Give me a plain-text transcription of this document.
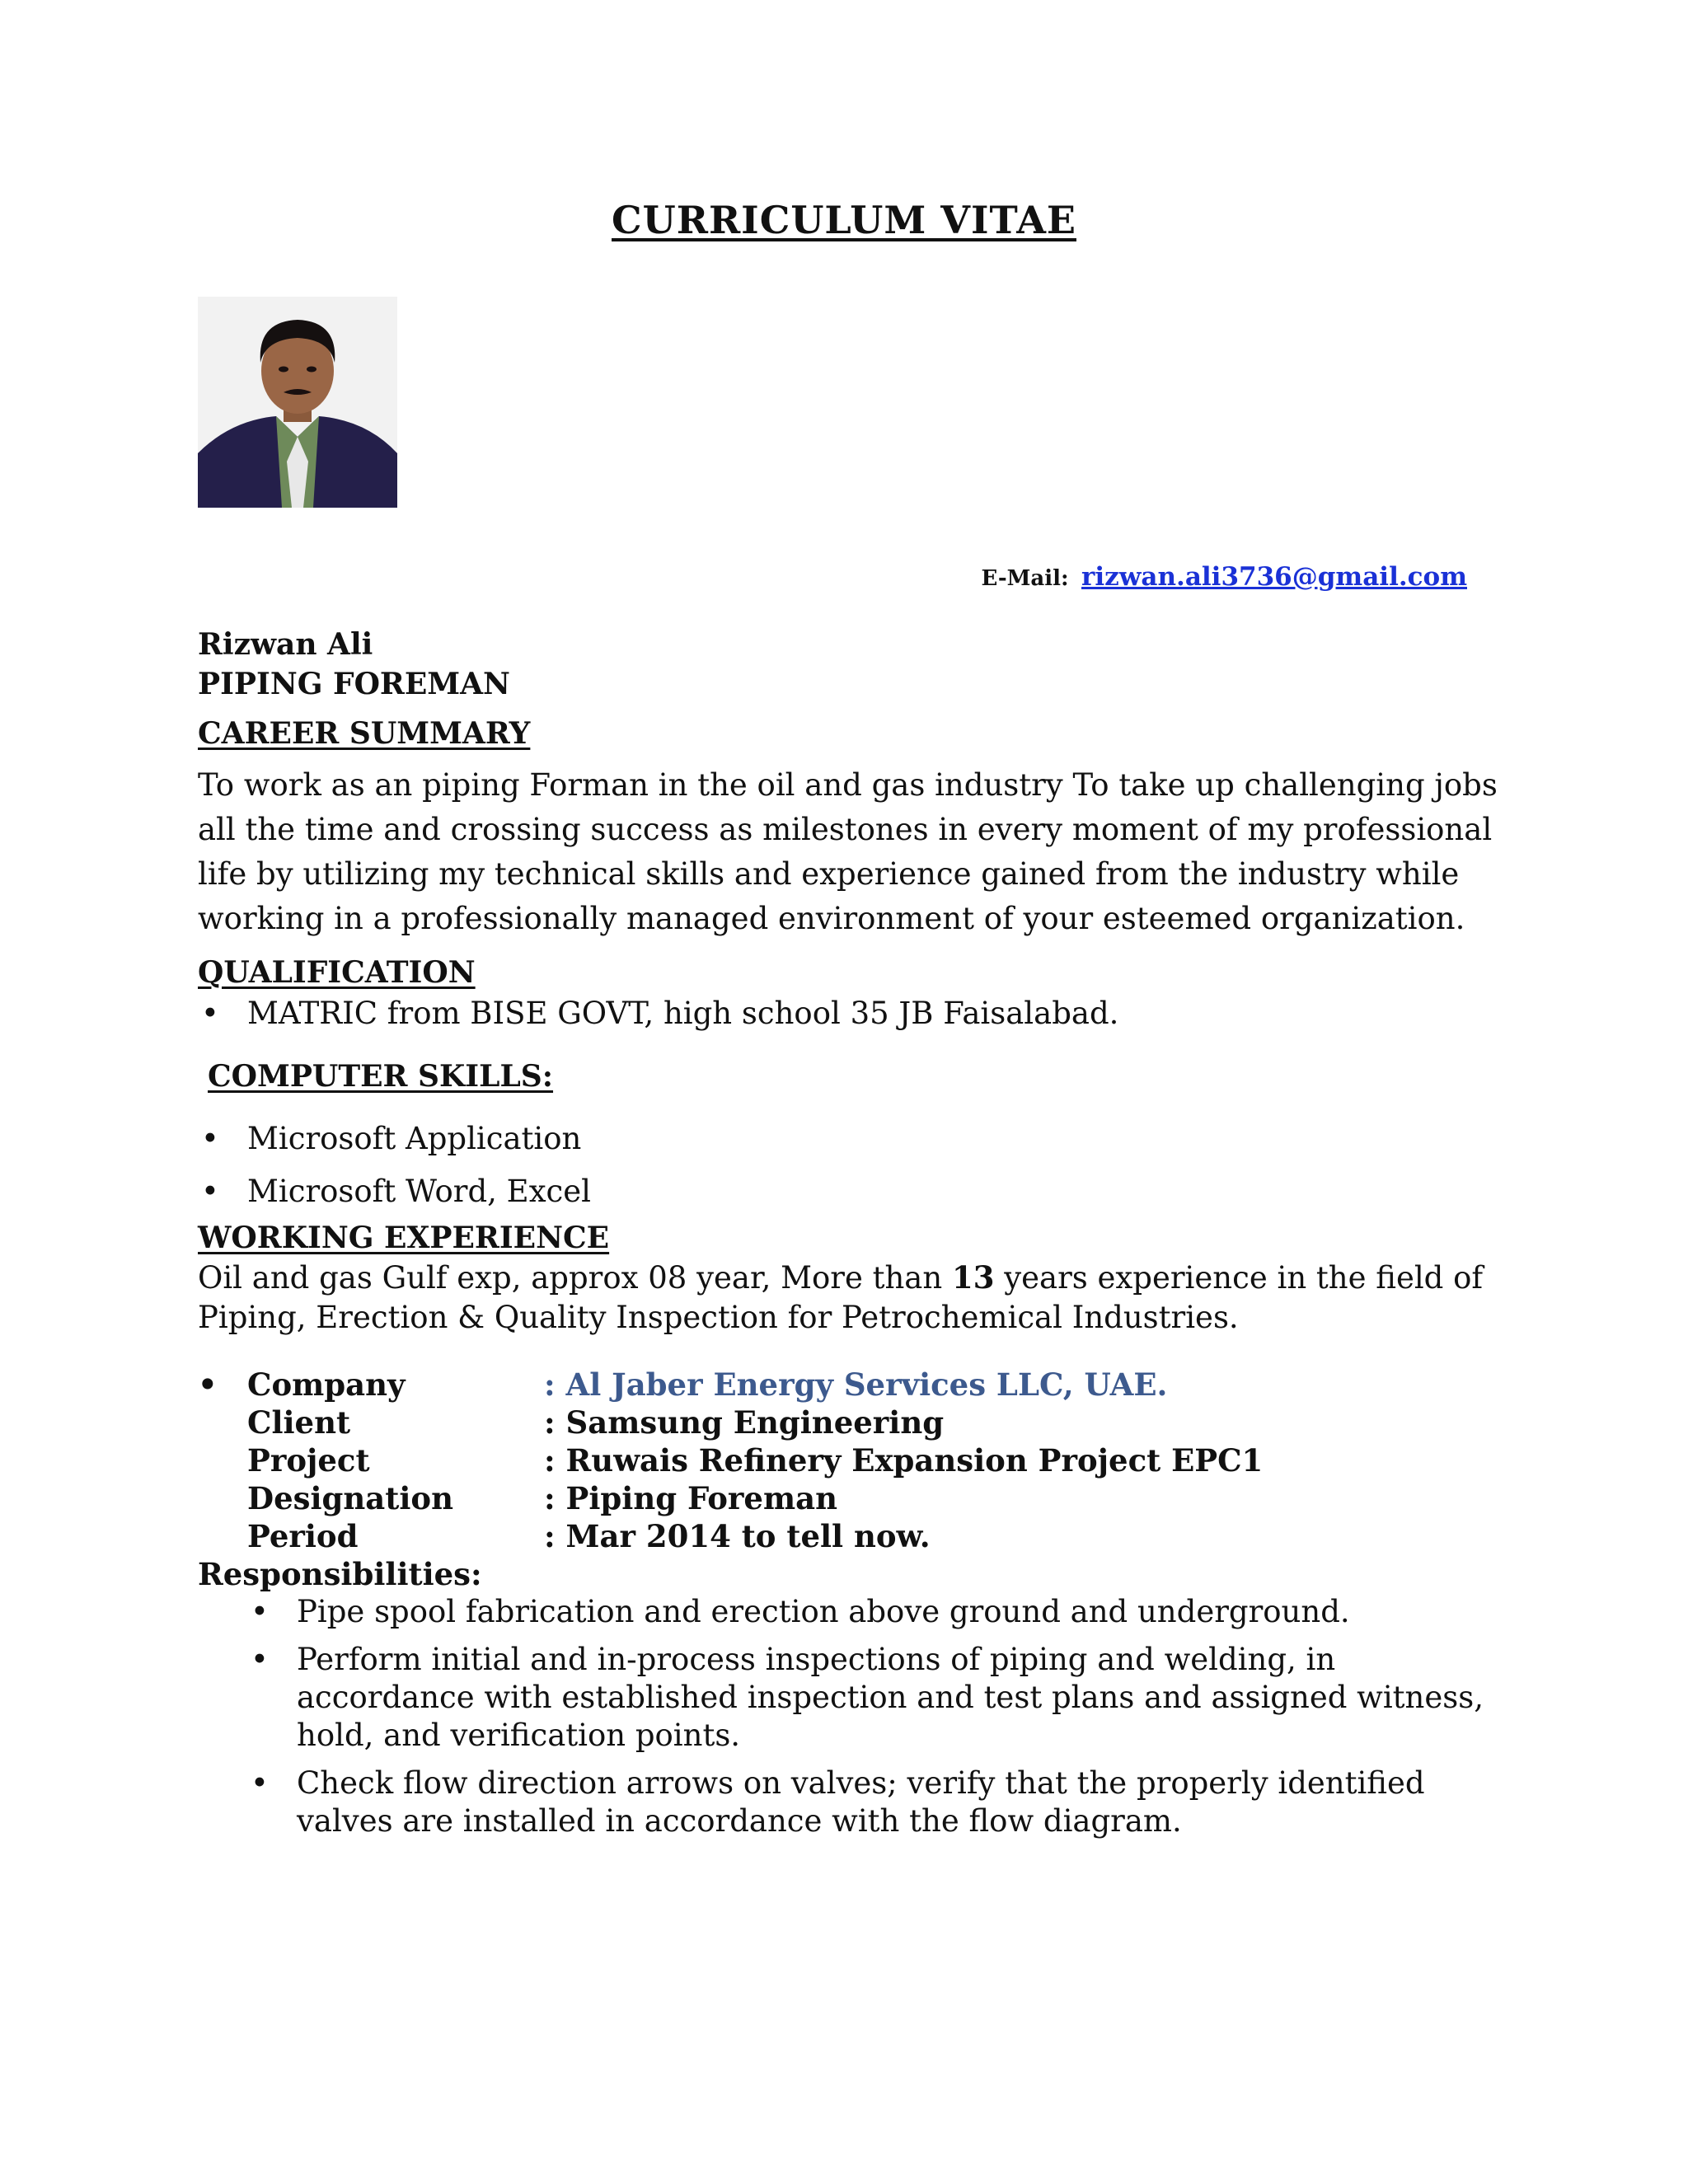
CURRICULUM VITAE
E-Mail: rizwan.ali3736@gmail.com

Rizwan Ali

PIPING FOREMAN

CAREER SUMMARY

To work as an piping Forman in the oil and gas industry To take up challenging jobs all the time and crossing success as milestones in every moment of my professional life by utilizing my technical skills and experience gained from the industry while working in a professionally managed environment of your esteemed organization.

QUALIFICATION
• MATRIC from BISE GOVT, high school 35 JB Faisalabad.
COMPUTER SKILLS:
• Microsoft Application
• Microsoft Word, Excel
WORKING EXPERIENCE

Oil and gas Gulf exp, approx 08 year, More than 13 years experience in the field of Piping, Erection & Quality Inspection for Petrochemical Industries.

• Company	: Al Jaber Energy Services LLC, UAE.
Client	: Samsung Engineering
Project	: Ruwais Refinery Expansion Project EPC1
Designation	: Piping Foreman
Period	: Mar 2014 to tell now.

Responsibilities:

• Pipe spool fabrication and erection above ground and underground.
• Perform initial and in-process inspections of piping and welding, in accordance with established inspection and test plans and assigned witness, hold, and verification points.
• Check flow direction arrows on valves; verify that the properly identified valves are installed in accordance with the flow diagram.
